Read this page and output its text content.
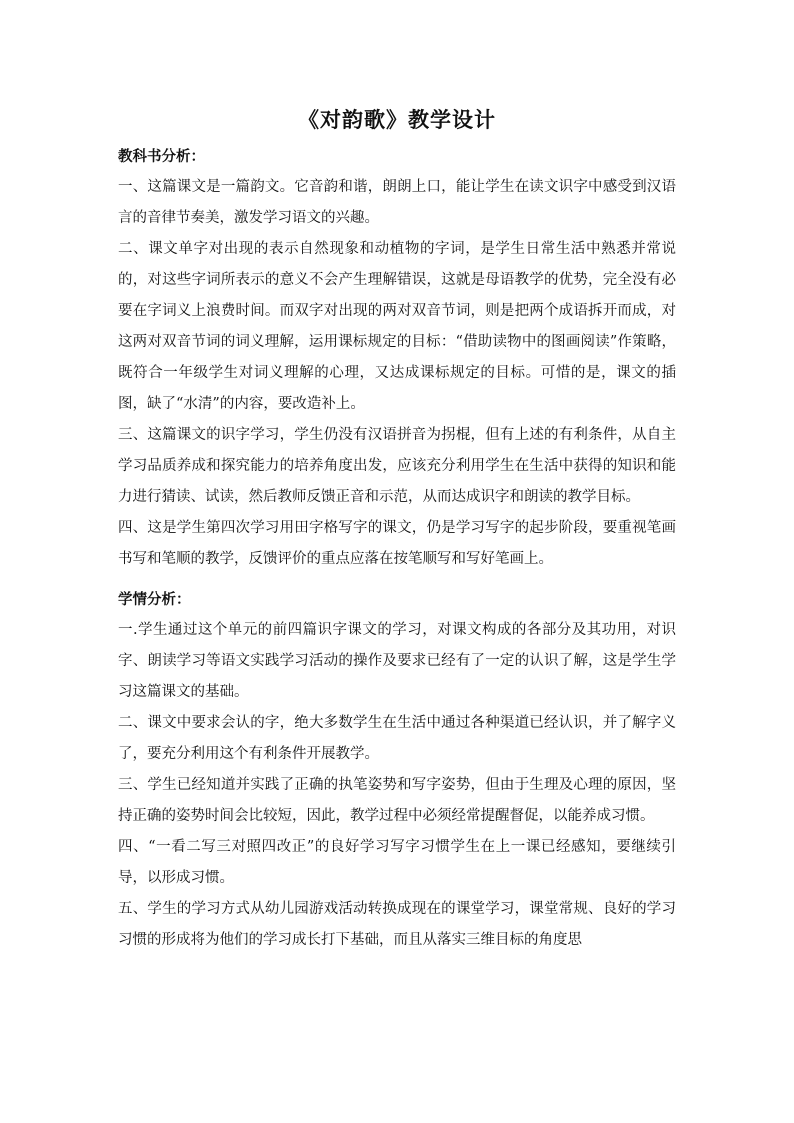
《对韵歌》教学设计

教科书分析：

一、这篇课文是一篇韵文。它音韵和谐，朗朗上口，能让学生在读文识字中感受到汉语言的音律节奏美，激发学习语文的兴趣。

二、课文单字对出现的表示自然现象和动植物的字词，是学生日常生活中熟悉并常说的，对这些字词所表示的意义不会产生理解错误，这就是母语教学的优势，完全没有必要在字词义上浪费时间。而双字对出现的两对双音节词，则是把两个成语拆开而成，对这两对双音节词的词义理解，运用课标规定的目标：“借助读物中的图画阅读”作策略，既符合一年级学生对词义理解的心理，又达成课标规定的目标。可惜的是，课文的插图，缺了“水清”的内容，要改造补上。

三、这篇课文的识字学习，学生仍没有汉语拼音为拐棍，但有上述的有利条件，从自主学习品质养成和探究能力的培养角度出发，应该充分利用学生在生活中获得的知识和能力进行猜读、试读，然后教师反馈正音和示范，从而达成识字和朗读的教学目标。

四、这是学生第四次学习用田字格写字的课文，仍是学习写字的起步阶段，要重视笔画书写和笔顺的教学，反馈评价的重点应落在按笔顺写和写好笔画上。

学情分析：

一.学生通过这个单元的前四篇识字课文的学习，对课文构成的各部分及其功用，对识字、朗读学习等语文实践学习活动的操作及要求已经有了一定的认识了解，这是学生学习这篇课文的基础。

二、课文中要求会认的字，绝大多数学生在生活中通过各种渠道已经认识，并了解字义了，要充分利用这个有利条件开展教学。

三、学生已经知道并实践了正确的执笔姿势和写字姿势，但由于生理及心理的原因，坚持正确的姿势时间会比较短，因此，教学过程中必须经常提醒督促，以能养成习惯。

四、“一看二写三对照四改正”的良好学习写字习惯学生在上一课已经感知，要继续引导，以形成习惯。

五、学生的学习方式从幼儿园游戏活动转换成现在的课堂学习，课堂常规、良好的学习习惯的形成将为他们的学习成长打下基础，而且从落实三维目标的角度思
